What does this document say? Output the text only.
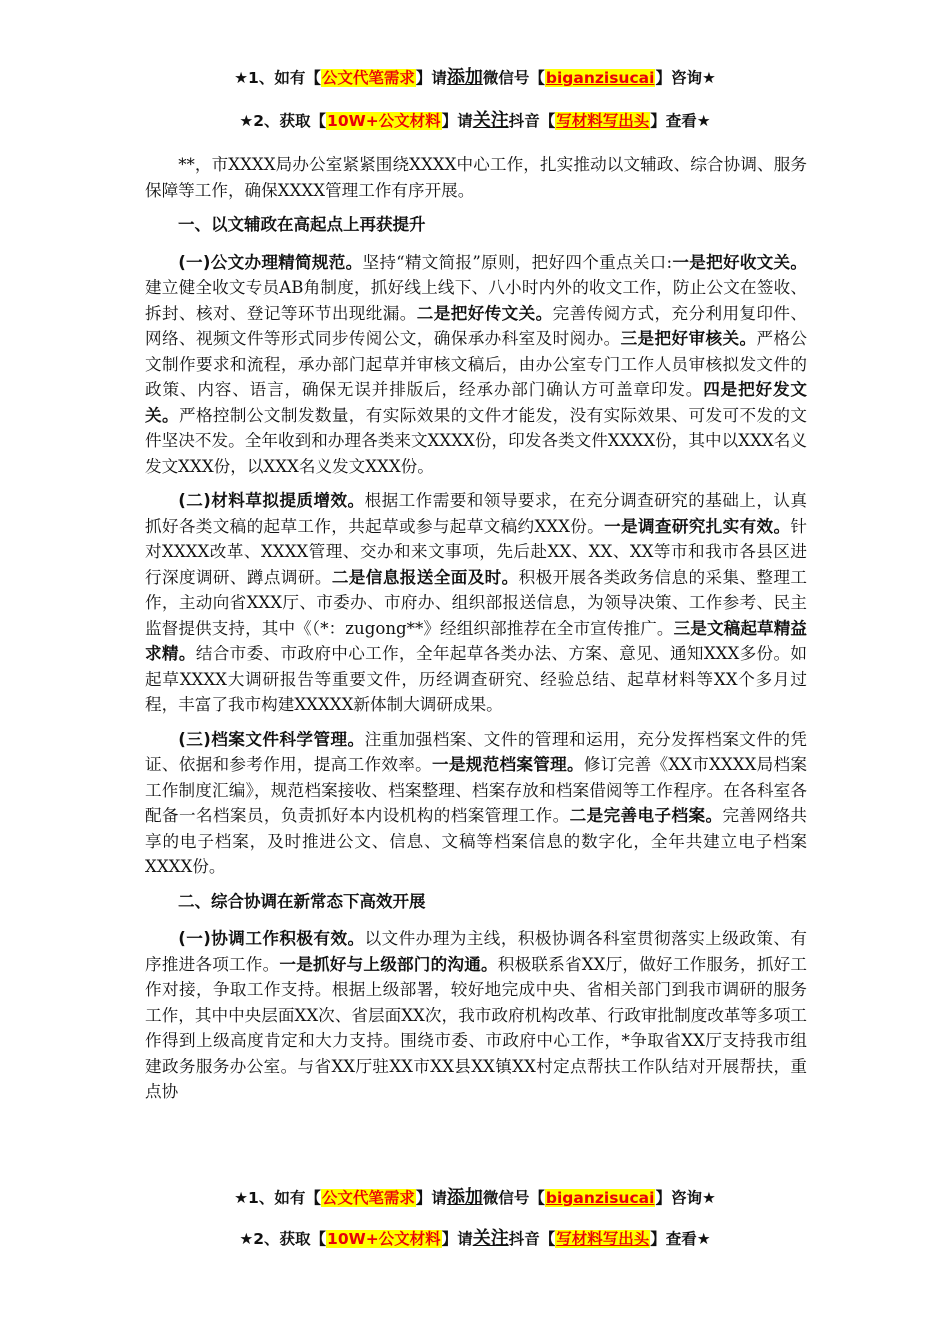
★1、如有【公文代笔需求】请添加微信号【biganzisucai】咨询★
★2、获取【10W+公文材料】请关注抖音【写材料写出头】查看★

**，市XXXX局办公室紧紧围绕XXXX中心工作，扎实推动以文辅政、综合协调、服务保障等工作，确保XXXX管理工作有序开展。

一、以文辅政在高起点上再获提升

(一)公文办理精简规范。坚持“精文简报”原则，把好四个重点关口:一是把好收文关。建立健全收文专员AB角制度，抓好线上线下、八小时内外的收文工作，防止公文在签收、拆封、核对、登记等环节出现纰漏。二是把好传文关。完善传阅方式，充分利用复印件、网络、视频文件等形式同步传阅公文，确保承办科室及时阅办。三是把好审核关。严格公文制作要求和流程，承办部门起草并审核文稿后，由办公室专门工作人员审核拟发文件的政策、内容、语言，确保无误并排版后，经承办部门确认方可盖章印发。四是把好发文关。严格控制公文制发数量，有实际效果的文件才能发，没有实际效果、可发可不发的文件坚决不发。全年收到和办理各类来文XXXX份，印发各类文件XXXX份，其中以XXX名义发文XXX份，以XXX名义发文XXX份。

(二)材料草拟提质增效。根据工作需要和领导要求，在充分调查研究的基础上，认真抓好各类文稿的起草工作，共起草或参与起草文稿约XXX份。一是调查研究扎实有效。针对XXXX改革、XXXX管理、交办和来文事项，先后赴XX、XX、XX等市和我市各县区进行深度调研、蹲点调研。二是信息报送全面及时。积极开展各类政务信息的采集、整理工作，主动向省XXX厅、市委办、市府办、组织部报送信息，为领导决策、工作参考、民主监督提供支持，其中《（*：zugong**》经组织部推荐在全市宣传推广。三是文稿起草精益求精。结合市委、市政府中心工作，全年起草各类办法、方案、意见、通知XXX多份。如起草XXXX大调研报告等重要文件，历经调查研究、经验总结、起草材料等XX个多月过程，丰富了我市构建XXXXX新体制大调研成果。

(三)档案文件科学管理。注重加强档案、文件的管理和运用，充分发挥档案文件的凭证、依据和参考作用，提高工作效率。一是规范档案管理。修订完善《XX市XXXX局档案工作制度汇编》，规范档案接收、档案整理、档案存放和档案借阅等工作程序。在各科室各配备一名档案员，负责抓好本内设机构的档案管理工作。二是完善电子档案。完善网络共享的电子档案，及时推进公文、信息、文稿等档案信息的数字化，全年共建立电子档案XXXX份。

二、综合协调在新常态下高效开展

(一)协调工作积极有效。以文件办理为主线，积极协调各科室贯彻落实上级政策、有序推进各项工作。一是抓好与上级部门的沟通。积极联系省XX厅，做好工作服务，抓好工作对接，争取工作支持。根据上级部署，较好地完成中央、省相关部门到我市调研的服务工作，其中中央层面XX次、省层面XX次，我市政府机构改革、行政审批制度改革等多项工作得到上级高度肯定和大力支持。围绕市委、市政府中心工作，*争取省XX厅支持我市组建政务服务办公室。与省XX厅驻XX市XX县XX镇XX村定点帮扶工作队结对开展帮扶，重点协

★1、如有【公文代笔需求】请添加微信号【biganzisucai】咨询★
★2、获取【10W+公文材料】请关注抖音【写材料写出头】查看★
